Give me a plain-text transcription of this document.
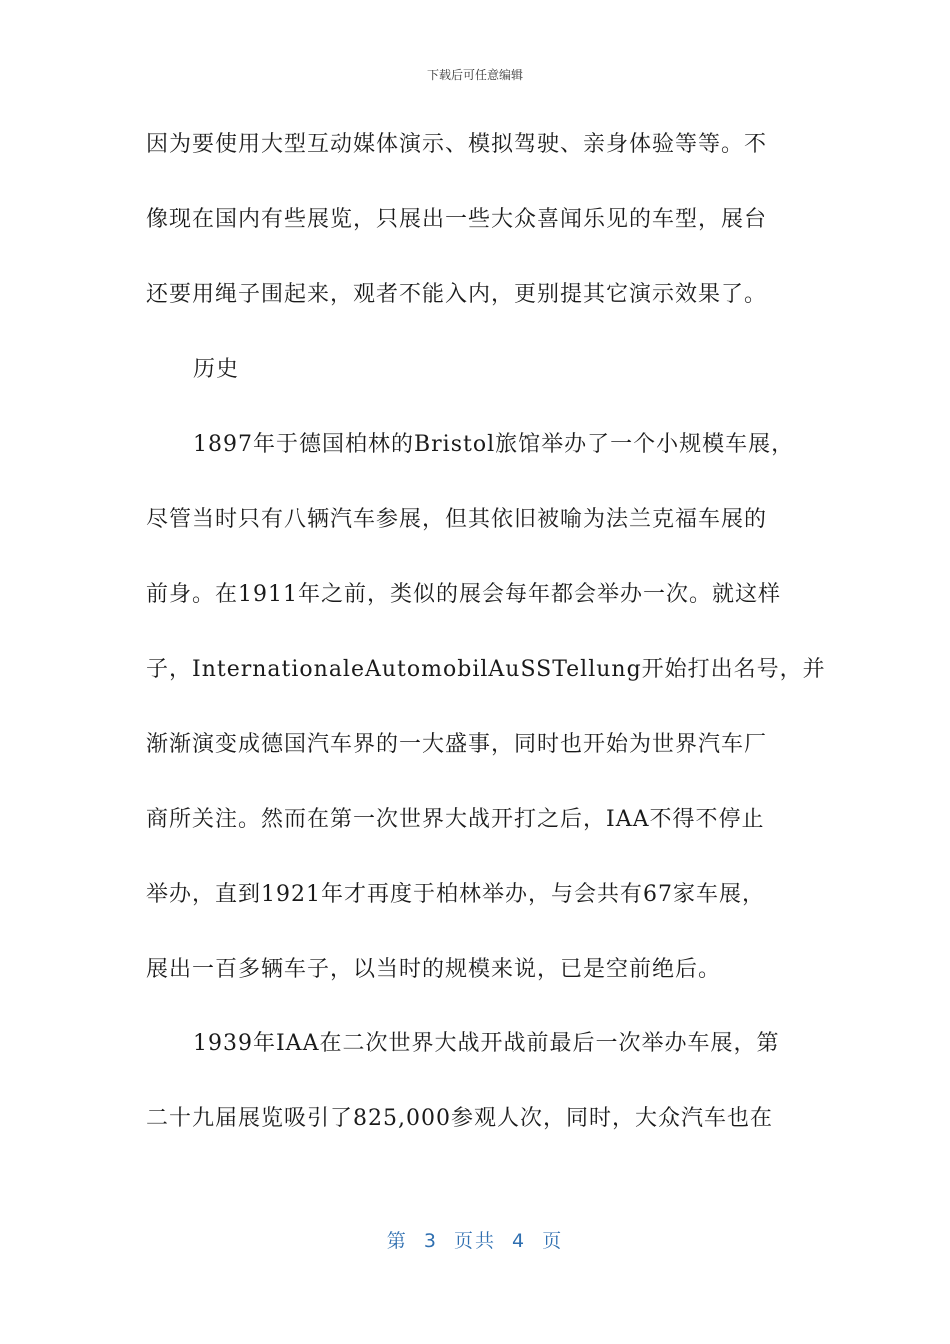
下载后可任意编辑
因为要使用大型互动媒体演示、模拟驾驶、亲身体验等等。不
像现在国内有些展览，只展出一些大众喜闻乐见的车型，展台
还要用绳子围起来，观者不能入内，更别提其它演示效果了。
历史
1897年于德国柏林的Bristol旅馆举办了一个小规模车展，
尽管当时只有八辆汽车参展，但其依旧被喻为法兰克福车展的
前身。在1911年之前，类似的展会每年都会举办一次。就这样
子，InternationaleAutomobilAuSSTellung开始打出名号，并
渐渐演变成德国汽车界的一大盛事，同时也开始为世界汽车厂
商所关注。然而在第一次世界大战开打之后，IAA不得不停止
举办，直到1921年才再度于柏林举办，与会共有67家车展，
展出一百多辆车子，以当时的规模来说，已是空前绝后。
1939年IAA在二次世界大战开战前最后一次举办车展，第
二十九届展览吸引了825,000参观人次，同时，大众汽车也在
第 3 页共 4 页
